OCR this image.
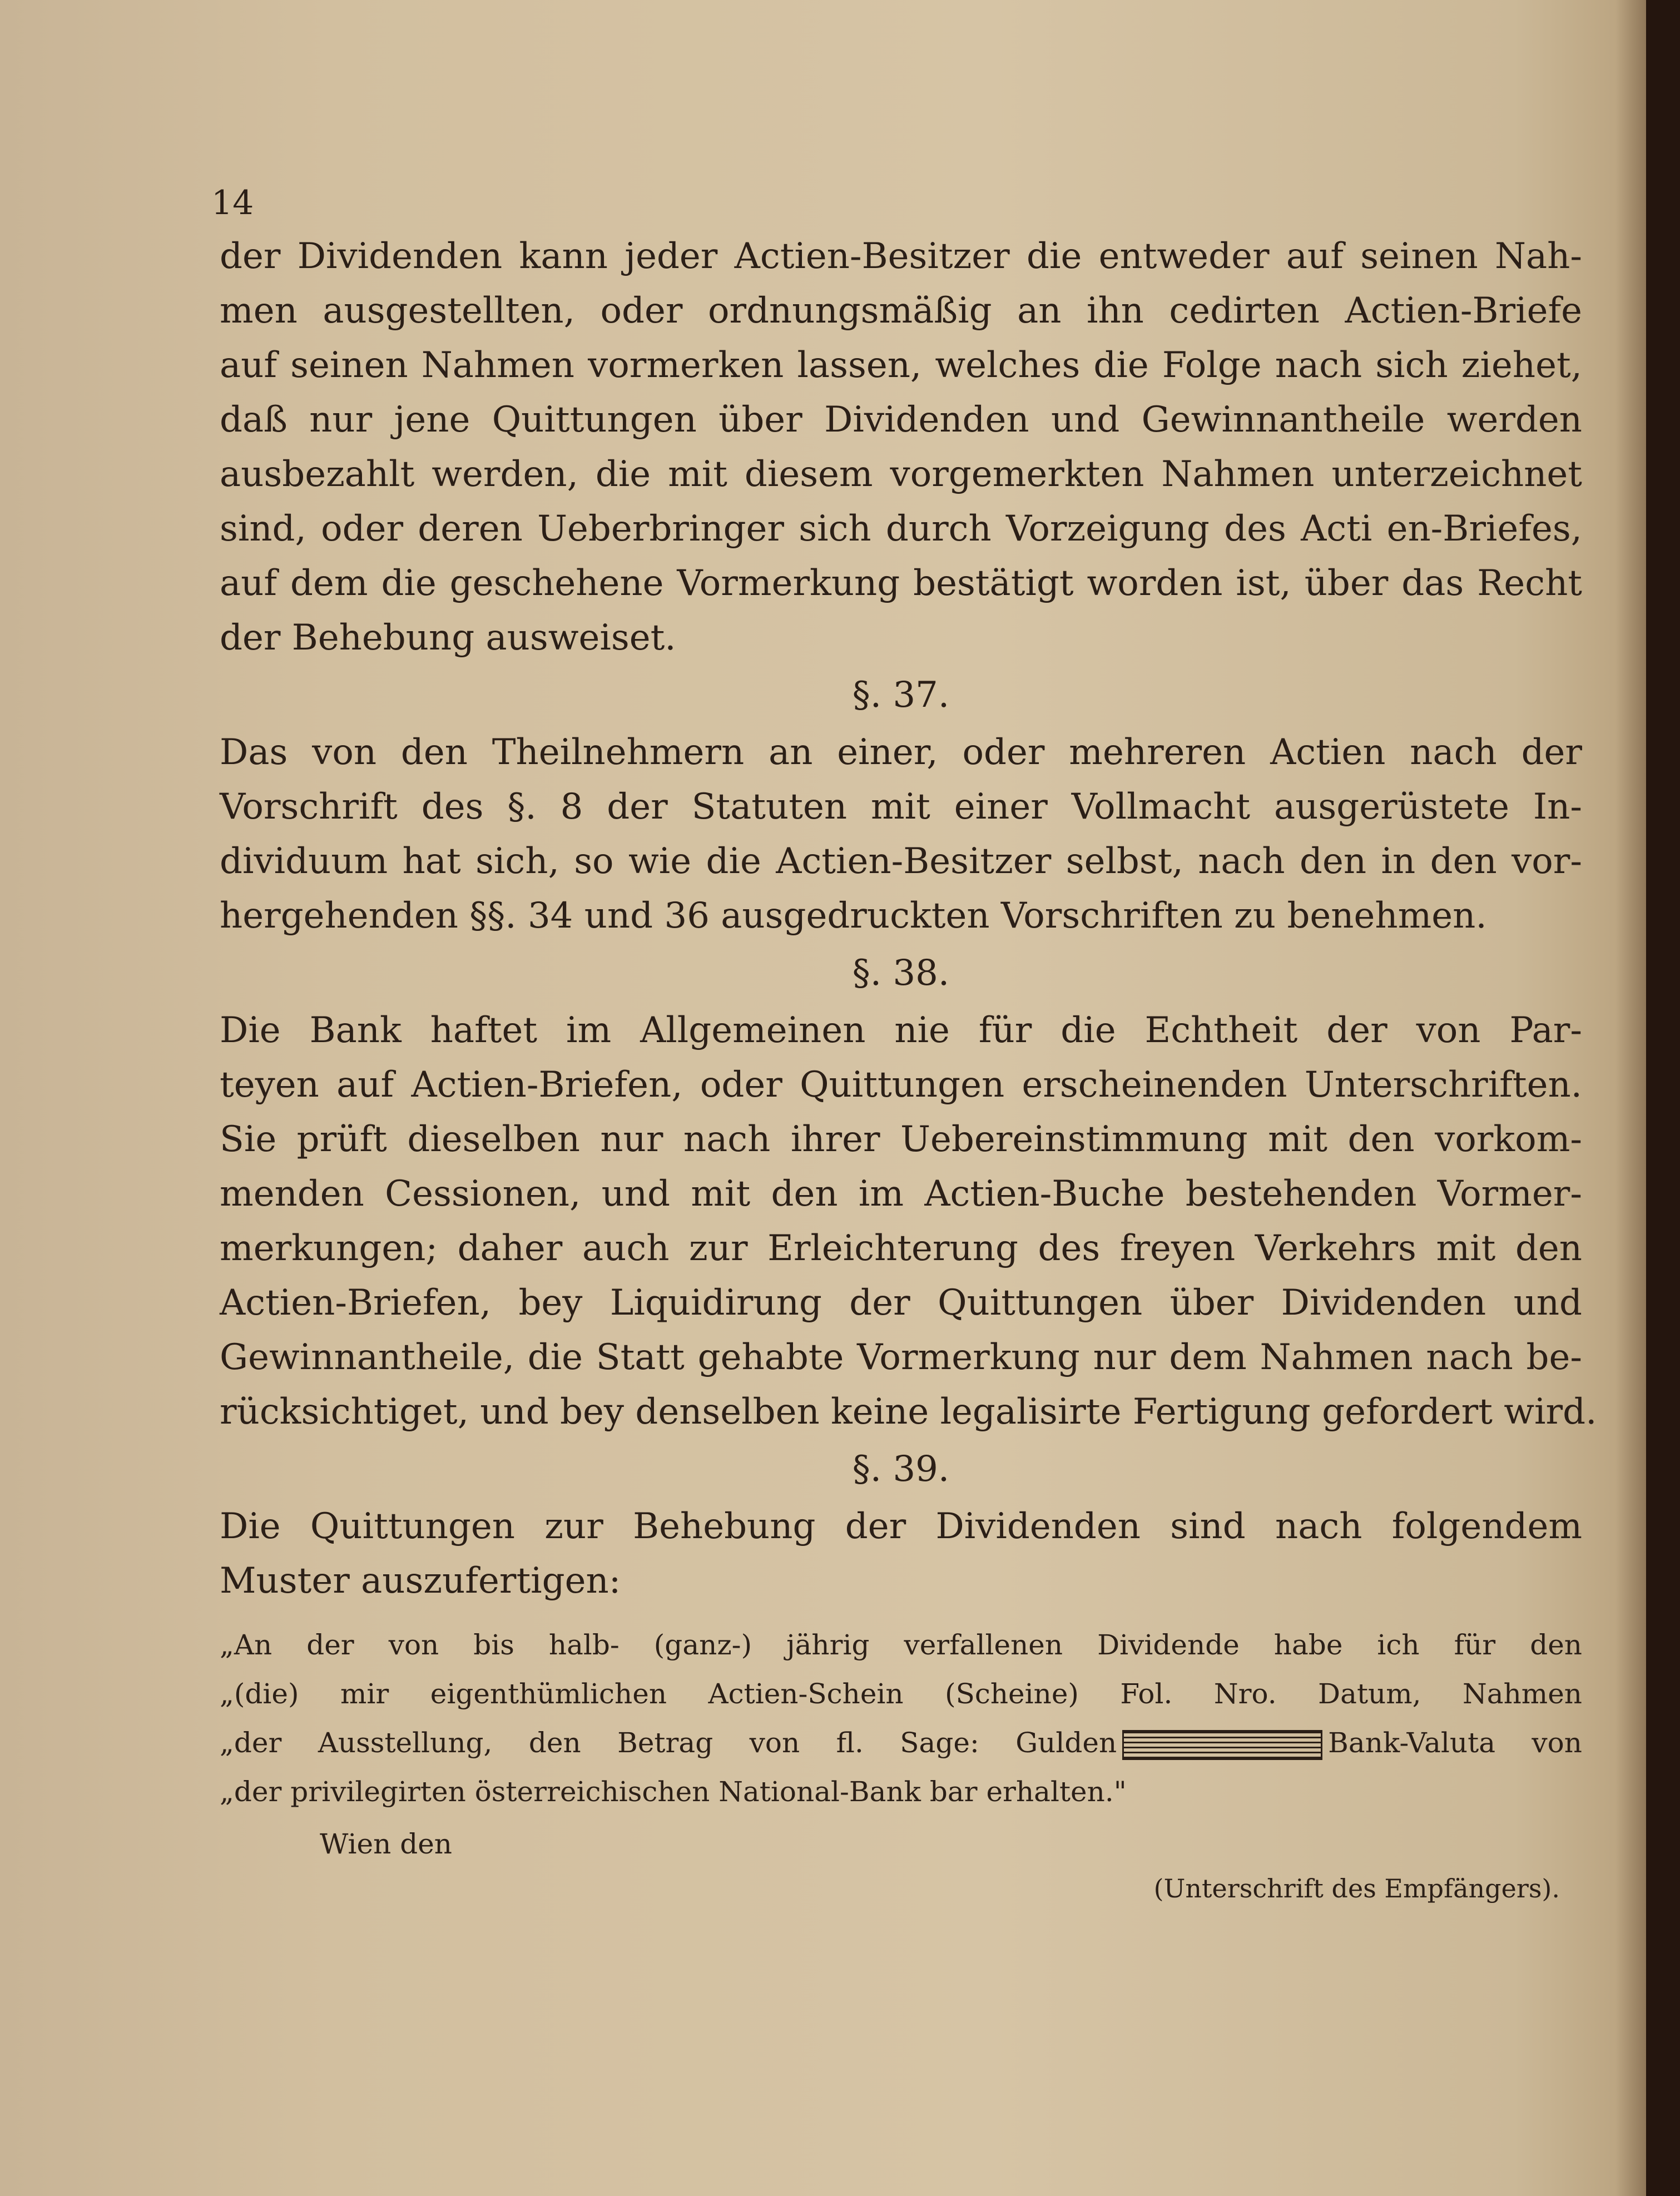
14
der Dividenden kann jeder Actien-Besitzer die entweder auf seinen Nah-
men ausgestellten, oder ordnungsmäßig an ihn cedirten Actien-Briefe
auf seinen Nahmen vormerken lassen, welches die Folge nach sich ziehet,
daß nur jene Quittungen über Dividenden und Gewinnantheile werden
ausbezahlt werden, die mit diesem vorgemerkten Nahmen unterzeichnet
sind, oder deren Ueberbringer sich durch Vorzeigung des Acti en-Briefes,
auf dem die geschehene Vormerkung bestätigt worden ist, über das Recht
der Behebung ausweiset.
§. 37.
Das von den Theilnehmern an einer, oder mehreren Actien nach der
Vorschrift des §. 8 der Statuten mit einer Vollmacht ausgerüstete In-
dividuum hat sich, so wie die Actien-Besitzer selbst, nach den in den vor-
hergehenden §§. 34 und 36 ausgedruckten Vorschriften zu benehmen.
§. 38.
Die Bank haftet im Allgemeinen nie für die Echtheit der von Par-
teyen auf Actien-Briefen, oder Quittungen erscheinenden Unterschriften.
Sie prüft dieselben nur nach ihrer Uebereinstimmung mit den vorkom-
menden Cessionen, und mit den im Actien-Buche bestehenden Vormer-
merkungen; daher auch zur Erleichterung des freyen Verkehrs mit den
Actien-Briefen, bey Liquidirung der Quittungen über Dividenden und
Gewinnantheile, die Statt gehabte Vormerkung nur dem Nahmen nach be-
rücksichtiget, und bey denselben keine legalisirte Fertigung gefordert wird.
§. 39.
Die Quittungen zur Behebung der Dividenden sind nach folgendem
Muster auszufertigen:
„An der von bis halb- (ganz-) jährig verfallenen Dividende habe ich für den
„(die) mir eigenthümlichen Actien-Schein (Scheine) Fol. Nro. Datum, Nahmen
„der Ausstellung, den Betrag von fl. Sage: Gulden	Bank-Valuta von
„der privilegirten österreichischen National-Bank bar erhalten."
Wien den
(Unterschrift des Empfängers).
